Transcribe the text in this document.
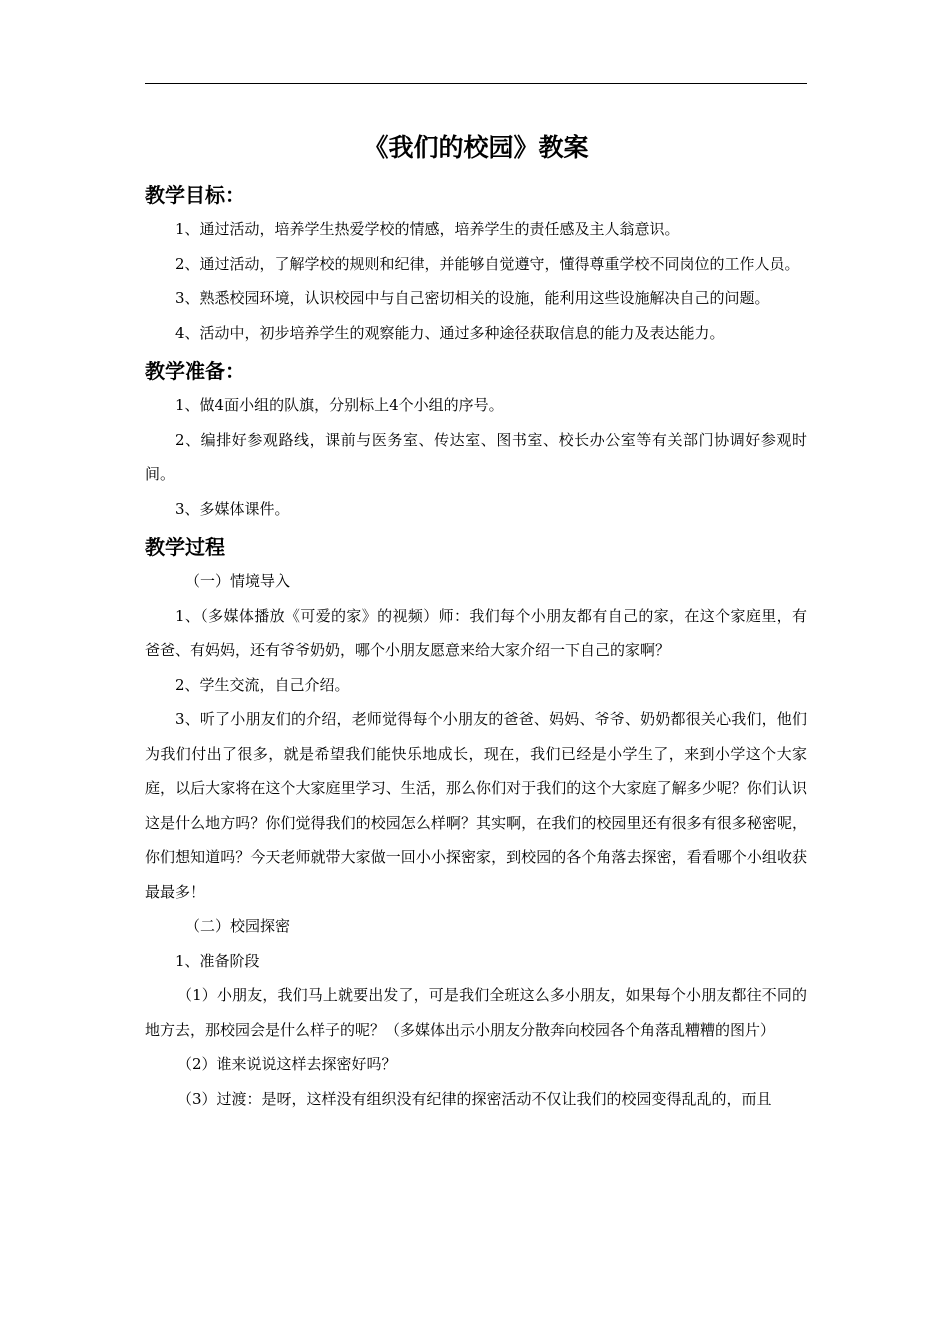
《我们的校园》教案
教学目标：

1、通过活动，培养学生热爱学校的情感，培养学生的责任感及主人翁意识。

2、通过活动，了解学校的规则和纪律，并能够自觉遵守，懂得尊重学校不同岗位的工作人员。

3、熟悉校园环境，认识校园中与自己密切相关的设施，能利用这些设施解决自己的问题。

4、活动中，初步培养学生的观察能力、通过多种途径获取信息的能力及表达能力。

教学准备：

1、做4面小组的队旗，分别标上4个小组的序号。

2、编排好参观路线，课前与医务室、传达室、图书室、校长办公室等有关部门协调好参观时间。

3、多媒体课件。

教学过程

（一）情境导入

1、（多媒体播放《可爱的家》的视频）师：我们每个小朋友都有自己的家，在这个家庭里，有爸爸、有妈妈，还有爷爷奶奶，哪个小朋友愿意来给大家介绍一下自己的家啊？

2、学生交流，自己介绍。

3、听了小朋友们的介绍，老师觉得每个小朋友的爸爸、妈妈、爷爷、奶奶都很关心我们，他们为我们付出了很多，就是希望我们能快乐地成长，现在，我们已经是小学生了，来到小学这个大家庭，以后大家将在这个大家庭里学习、生活，那么你们对于我们的这个大家庭了解多少呢？你们认识这是什么地方吗？你们觉得我们的校园怎么样啊？其实啊，在我们的校园里还有很多有很多秘密呢，你们想知道吗？今天老师就带大家做一回小小探密家，到校园的各个角落去探密，看看哪个小组收获最最多！

（二）校园探密

1、准备阶段

（1）小朋友，我们马上就要出发了，可是我们全班这么多小朋友，如果每个小朋友都往不同的地方去，那校园会是什么样子的呢？（多媒体出示小朋友分散奔向校园各个角落乱糟糟的图片）

（2）谁来说说这样去探密好吗？

（3）过渡：是呀，这样没有组织没有纪律的探密活动不仅让我们的校园变得乱乱的，而且
